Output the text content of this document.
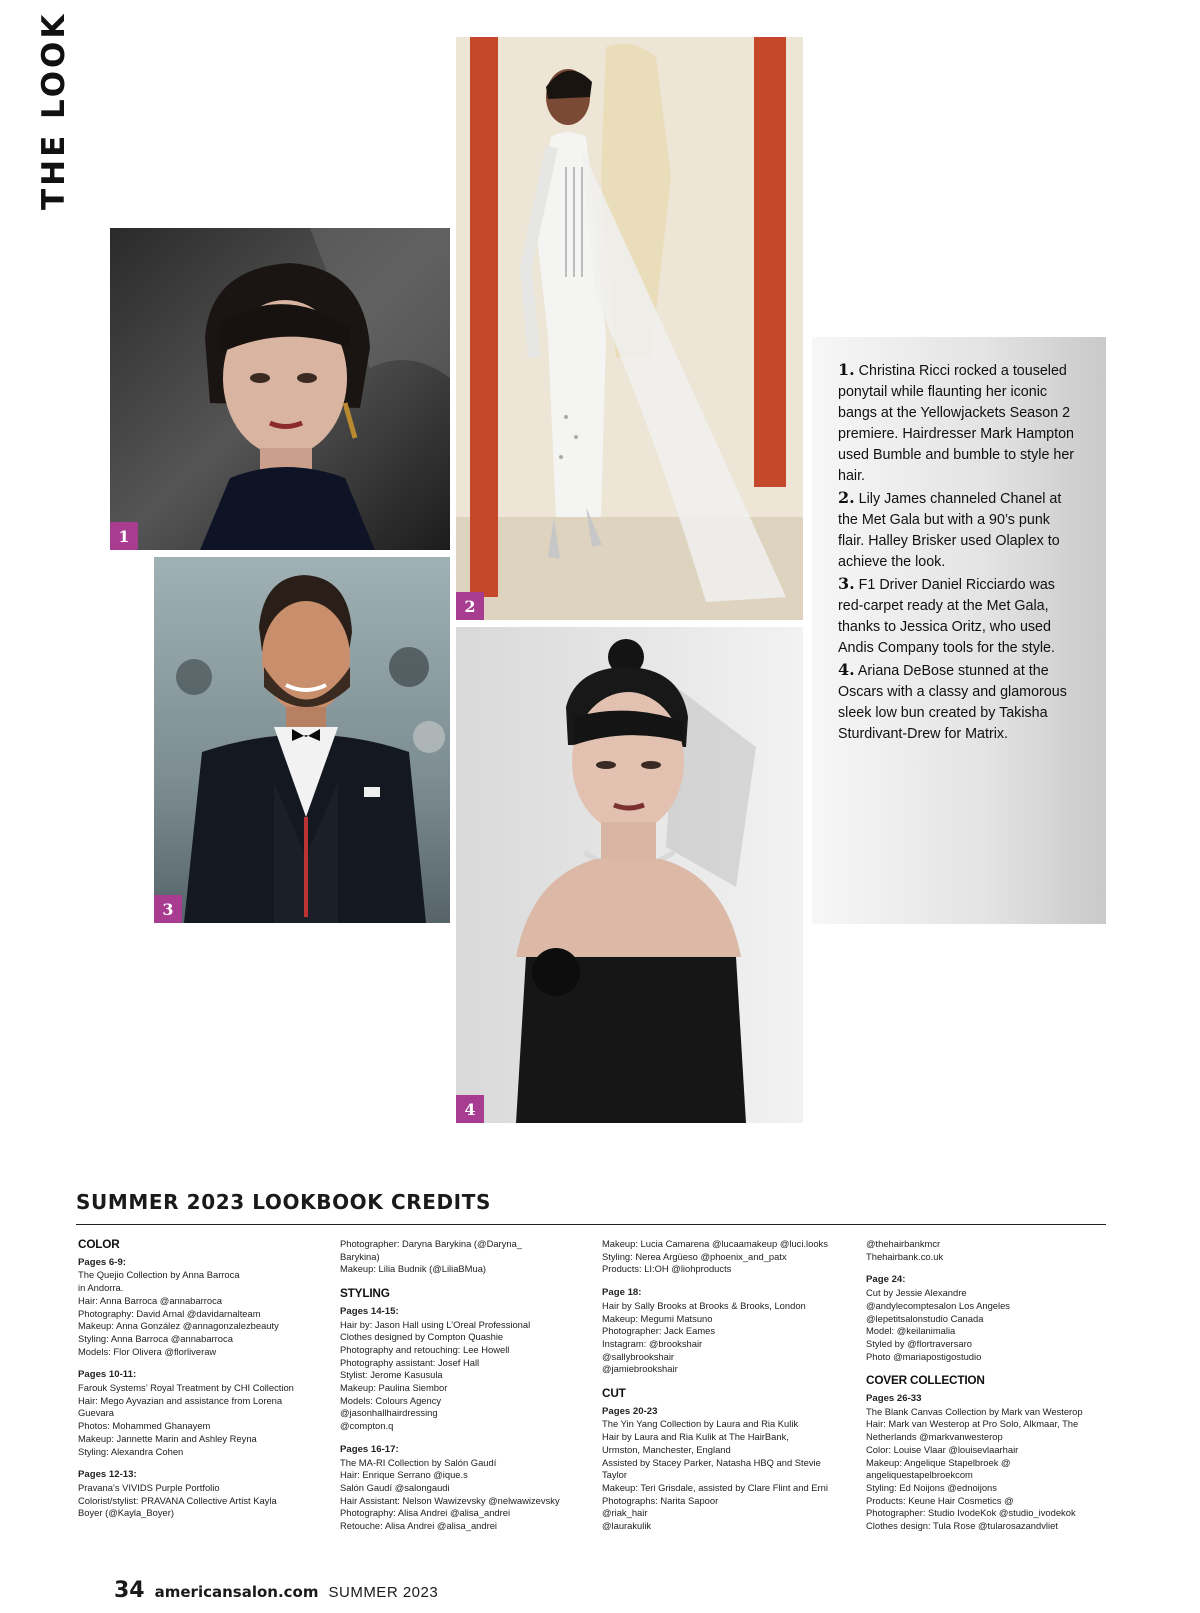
THE LOOK
1
3
2
4

1. Christina Ricci rocked a touseled ponytail while flaunting her iconic bangs at the Yellowjackets Season 2 premiere. Hairdresser Mark Hampton used Bumble and bumble to style her hair.

2. Lily James channeled Chanel at the Met Gala but with a 90’s punk flair. Halley Brisker used Olaplex to achieve the look.

3. F1 Driver Daniel Ricciardo was red-carpet ready at the Met Gala, thanks to Jessica Oritz, who used Andis Company tools for the style.

4. Ariana DeBose stunned at the Oscars with a classy and glamorous sleek low bun created by Takisha Sturdivant-Drew for Matrix.

SUMMER 2023 LOOKBOOK CREDITS
COLOR
Pages 6-9:
The Quejio Collection by Anna Barroca
in Andorra.
Hair: Anna Barroca @annabarroca
Photography: David Arnal @davidarnalteam
Makeup: Anna González @annagonzalezbeauty
Styling: Anna Barroca @annabarroca
Models: Flor Olivera @florliveraw
Pages 10-11:
Farouk Systems’ Royal Treatment by CHI Collection
Hair: Mego Ayvazian and assistance from Lorena
Guevara
Photos: Mohammed Ghanayem
Makeup: Jannette Marin and Ashley Reyna
Styling: Alexandra Cohen
Pages 12-13:
Pravana’s VIVIDS Purple Portfolio
Colorist/stylist: PRAVANA Collective Artist Kayla
Boyer (@Kayla_Boyer)
Photographer: Daryna Barykina (@Daryna_
Barykina)
Makeup: Lilia Budnik (@LiliaBMua)
STYLING
Pages 14-15:
Hair by: Jason Hall using L’Oreal Professional
Clothes designed by Compton Quashie
Photography and retouching: Lee Howell
Photography assistant: Josef Hall
Stylist: Jerome Kasusula
Makeup: Paulina Siembor
Models: Colours Agency
@jasonhallhairdressing
@compton.q
Pages 16-17:
The MA-RI Collection by Salón Gaudí
Hair: Enrique Serrano @ique.s
Salón Gaudí @salongaudi
Hair Assistant: Nelson Wawizevsky @nelwawizevsky
Photography: Alisa Andrei @alisa_andrei
Retouche: Alisa Andrei @alisa_andrei
Makeup: Lucia Camarena @lucaamakeup @luci.looks
Styling: Nerea Argüeso @phoenix_and_patx
Products: LI:OH @liohproducts
Page 18:
Hair by Sally Brooks at Brooks & Brooks, London
Makeup: Megumi Matsuno
Photographer: Jack Eames
Instagram: @brookshair
@sallybrookshair
@jamiebrookshair
CUT
Pages 20-23
The Yin Yang Collection by Laura and Ria Kulik
Hair by Laura and Ria Kulik at The HairBank,
Urmston, Manchester, England
Assisted by Stacey Parker, Natasha HBQ and Stevie
Taylor
Makeup: Teri Grisdale, assisted by Clare Flint and Erni
Photographs: Narita Sapoor
@riak_hair
@laurakulik
@thehairbankmcr
Thehairbank.co.uk
Page 24:
Cut by Jessie Alexandre
@andylecomptesalon Los Angeles
@lepetitsalonstudio Canada
Model: @keilanimalia
Styled by @flortraversaro
Photo @mariapostigostudio
COVER COLLECTION
Pages 26-33
The Blank Canvas Collection by Mark van Westerop
Hair: Mark van Westerop at Pro Solo, Alkmaar, The
Netherlands @markvanwesterop
Color: Louise Vlaar @louisevlaarhair
Makeup: Angelique Stapelbroek @
angeliquestapelbroekcom
Styling: Ed Noijons @ednoijons
Products: Keune Hair Cosmetics @
Photographer: Studio IvodeKok @studio_ivodekok
Clothes design: Tula Rose @tularosazandvliet
34 americansalon.com SUMMER 2023
